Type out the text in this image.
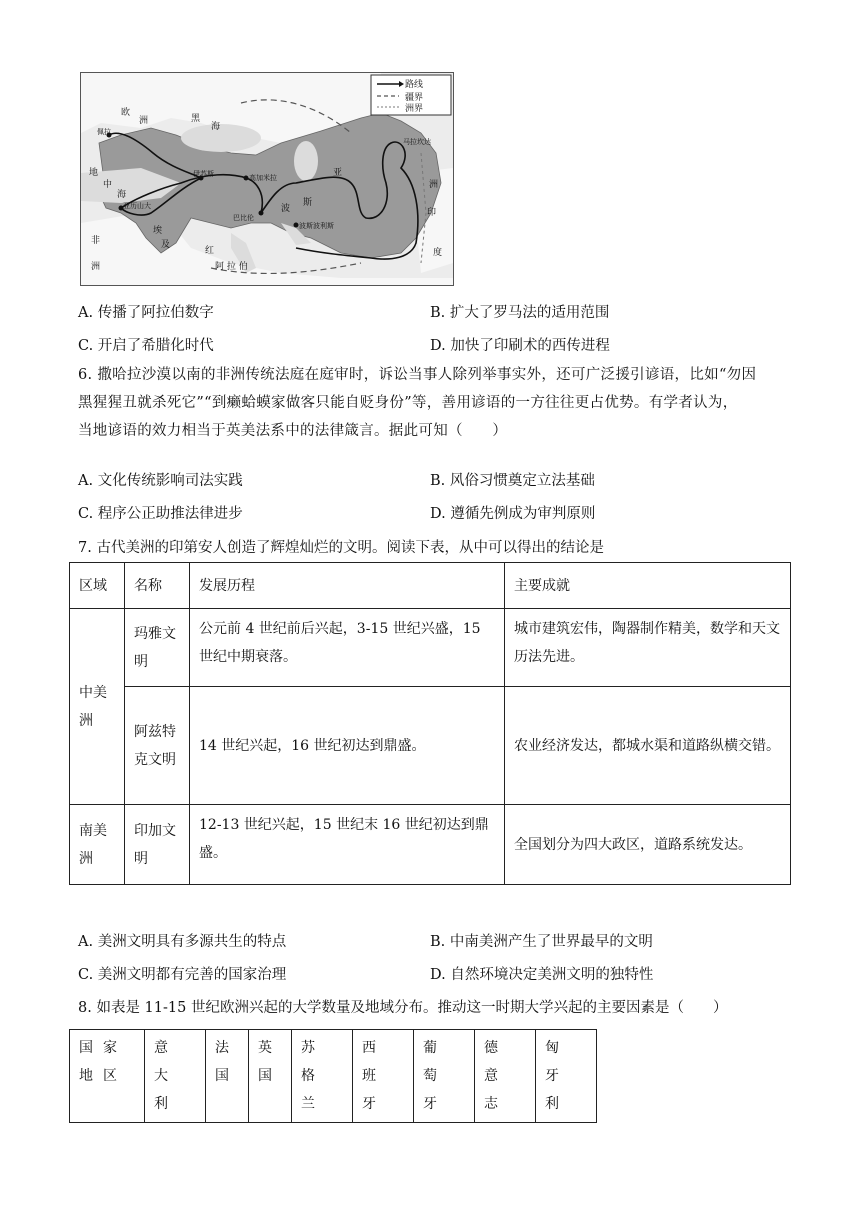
路线
疆界
洲界
欧
洲
佩拉
马拉坎达
伊苏斯	高加米拉
巴比伦
波斯波利斯
亚历山大
埃
及
波
斯
亚
洲
黑
海
地
中
海
红
阿 拉 伯
非
洲
印
度
A. 传播了阿拉伯数字	B. 扩大了罗马法的适用范围
C. 开启了希腊化时代	D. 加快了印刷术的西传进程
6. 撒哈拉沙漠以南的非洲传统法庭在庭审时，诉讼当事人除列举事实外，还可广泛援引谚语，比如“勿因
黑猩猩丑就杀死它”“到癞蛤蟆家做客只能自贬身份”等，善用谚语的一方往往更占优势。有学者认为，
当地谚语的效力相当于英美法系中的法律箴言。据此可知（　　）
A. 文化传统影响司法实践	B. 风俗习惯奠定立法基础
C. 程序公正助推法律进步	D. 遵循先例成为审判原则
7. 古代美洲的印第安人创造了辉煌灿烂的文明。阅读下表，从中可以得出的结论是
区域	名称	发展历程	主要成就
中美洲	玛雅文明	公元前 4 世纪前后兴起，3-15 世纪兴盛，15 世纪中期衰落。	城市建筑宏伟，陶器制作精美，数学和天文历法先进。
	阿兹特克文明	14 世纪兴起，16 世纪初达到鼎盛。	农业经济发达，都城水渠和道路纵横交错。
南美洲	印加文明	12-13 世纪兴起，15 世纪末 16 世纪初达到鼎盛。	全国划分为四大政区，道路系统发达。
A. 美洲文明具有多源共生的特点	B. 中南美洲产生了世界最早的文明
C. 美洲文明都有完善的国家治理	D. 自然环境决定美洲文明的独特性
8. 如表是 11-15 世纪欧洲兴起的大学数量及地域分布。推动这一时期大学兴起的主要因素是（　　）
国家地区	意大利	法国	英国	苏格兰	西班牙	葡萄牙	德意志	匈牙利
